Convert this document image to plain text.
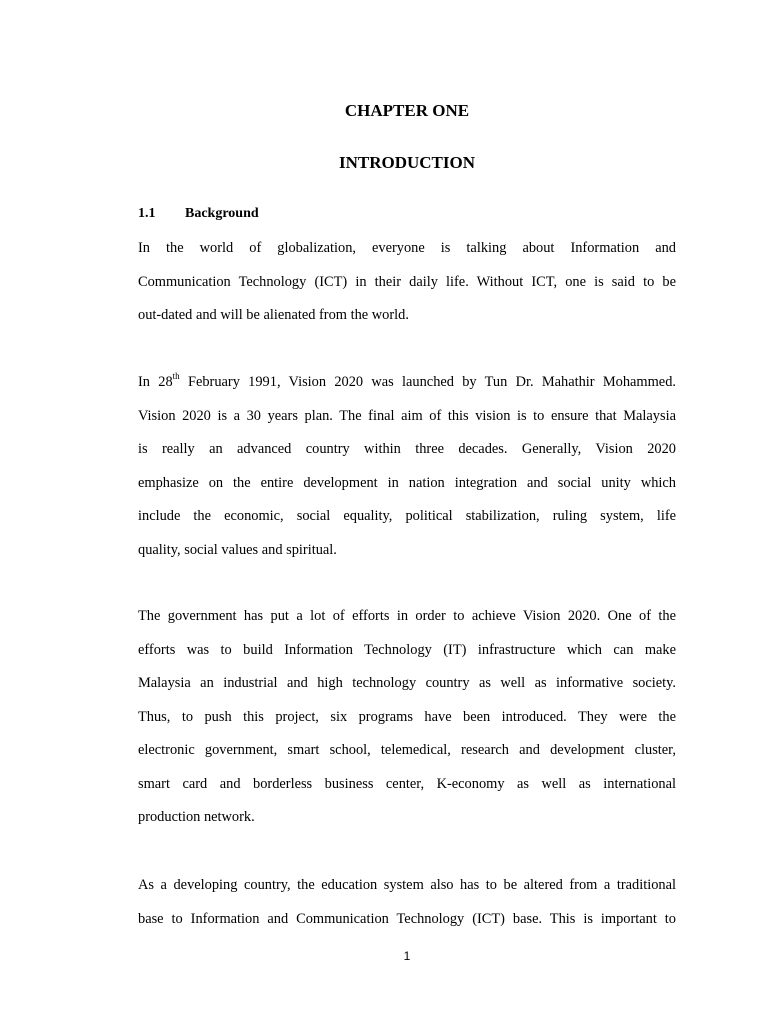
CHAPTER ONE
INTRODUCTION
1.1 Background
In the world of globalization, everyone is talking about Information and
Communication Technology (ICT) in their daily life. Without ICT, one is said to be
out-dated and will be alienated from the world.
In 28th February 1991, Vision 2020 was launched by Tun Dr. Mahathir Mohammed.
Vision 2020 is a 30 years plan. The final aim of this vision is to ensure that Malaysia
is really an advanced country within three decades. Generally, Vision 2020
emphasize on the entire development in nation integration and social unity which
include the economic, social equality, political stabilization, ruling system, life
quality, social values and spiritual.
The government has put a lot of efforts in order to achieve Vision 2020. One of the
efforts was to build Information Technology (IT) infrastructure which can make
Malaysia an industrial and high technology country as well as informative society.
Thus, to push this project, six programs have been introduced. They were the
electronic government, smart school, telemedical, research and development cluster,
smart card and borderless business center, K-economy as well as international
production network.
As a developing country, the education system also has to be altered from a traditional
base to Information and Communication Technology (ICT) base. This is important to
1
